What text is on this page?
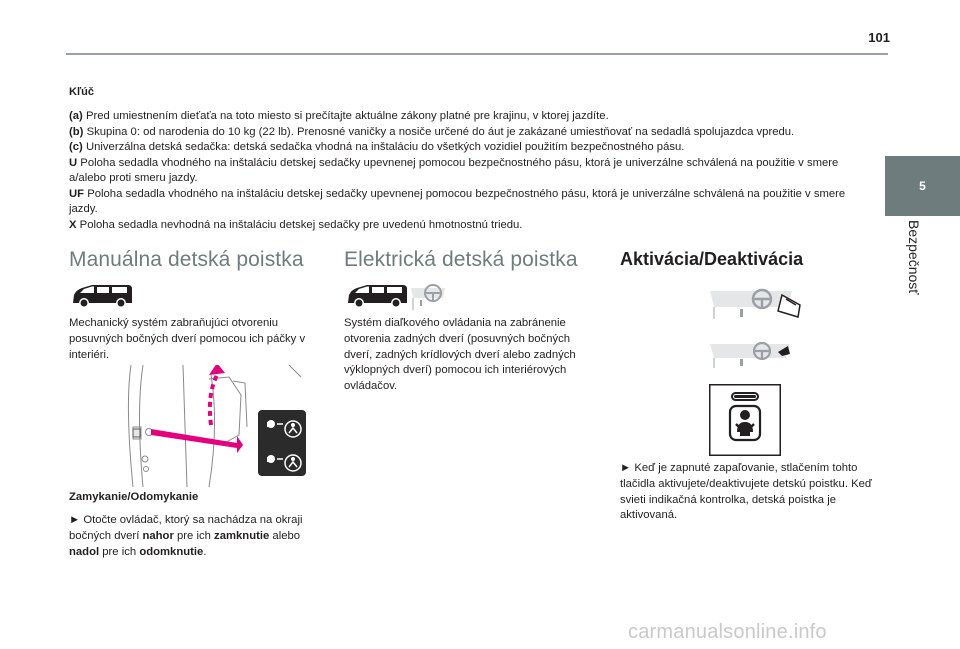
101
5
Bezpečnosť
Kľúč

(a) Pred umiestnením dieťaťa na toto miesto si prečítajte aktuálne zákony platné pre krajinu, v ktorej jazdíte.

(b) Skupina 0: od narodenia do 10 kg (22 lb). Prenosné vaničky a nosiče určené do áut je zakázané umiestňovať na sedadlá spolujazdca vpredu.

(c) Univerzálna detská sedačka: detská sedačka vhodná na inštaláciu do všetkých vozidiel použitím bezpečnostného pásu.

U Poloha sedadla vhodného na inštaláciu detskej sedačky upevnenej pomocou bezpečnostného pásu, ktorá je univerzálne schválená na použitie v smere a/alebo proti smeru jazdy.

UF Poloha sedadla vhodného na inštaláciu detskej sedačky upevnenej pomocou bezpečnostného pásu, ktorá je univerzálne schválená na použitie v smere jazdy.

X Poloha sedadla nevhodná na inštaláciu detskej sedačky pre uvedenú hmotnostnú triedu.

Manuálna detská poistka
Mechanický systém zabraňujúci otvoreniu posuvných bočných dverí pomocou ich páčky v interiéri.
Zamykanie/Odomykanie
► Otočte ovládač, ktorý sa nachádza na okraji bočných dverí nahor pre ich zamknutie alebo nadol pre ich odomknutie.
Elektrická detská poistka
Systém diaľkového ovládania na zabránenie otvorenia zadných dverí (posuvných bočných dverí, zadných krídlových dverí alebo zadných výklopných dverí) pomocou ich interiérových ovládačov.
Aktivácia/Deaktivácia
► Keď je zapnuté zapaľovanie, stlačením tohto tlačidla aktivujete/deaktivujete detskú poistku. Keď svieti indikačná kontrolka, detská poistka je aktivovaná.
carmanualsonline.info
